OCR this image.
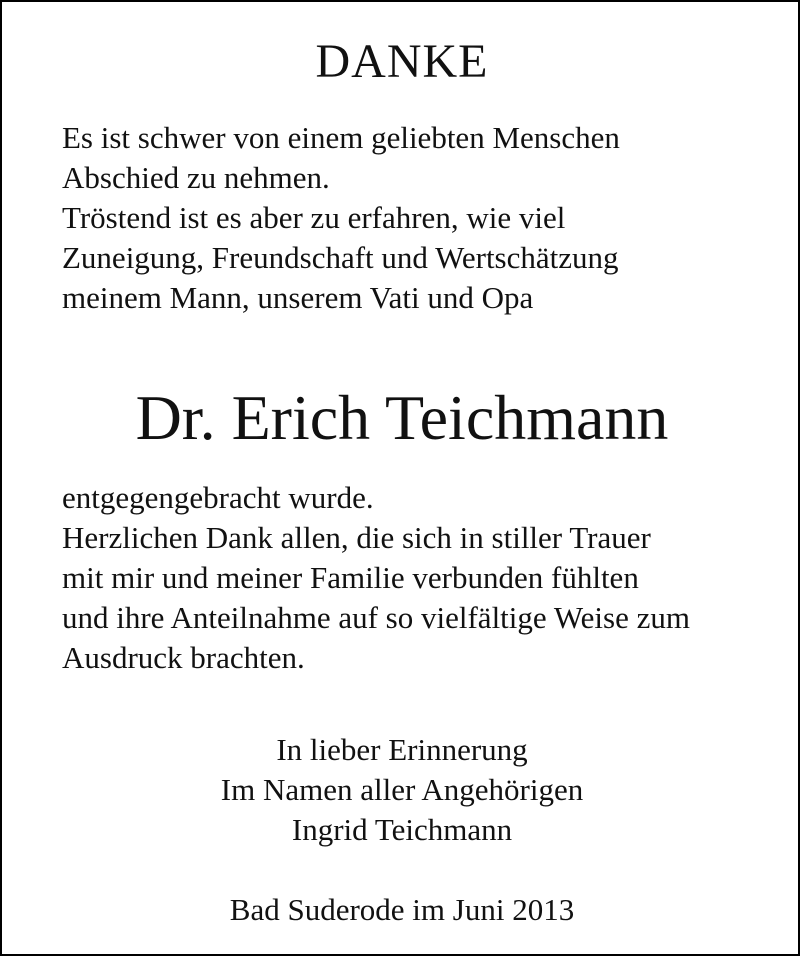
DANKE

Es ist schwer von einem geliebten Menschen
Abschied zu nehmen.
Tröstend ist es aber zu erfahren, wie viel
Zuneigung, Freundschaft und Wertschätzung
meinem Mann, unserem Vati und Opa

Dr. Erich Teichmann

entgegengebracht wurde.
Herzlichen Dank allen, die sich in stiller Trauer
mit mir und meiner Familie verbunden fühlten
und ihre Anteilnahme auf so vielfältige Weise zum
Ausdruck brachten.

In lieber Erinnerung
Im Namen aller Angehörigen
Ingrid Teichmann

Bad Suderode im Juni 2013
